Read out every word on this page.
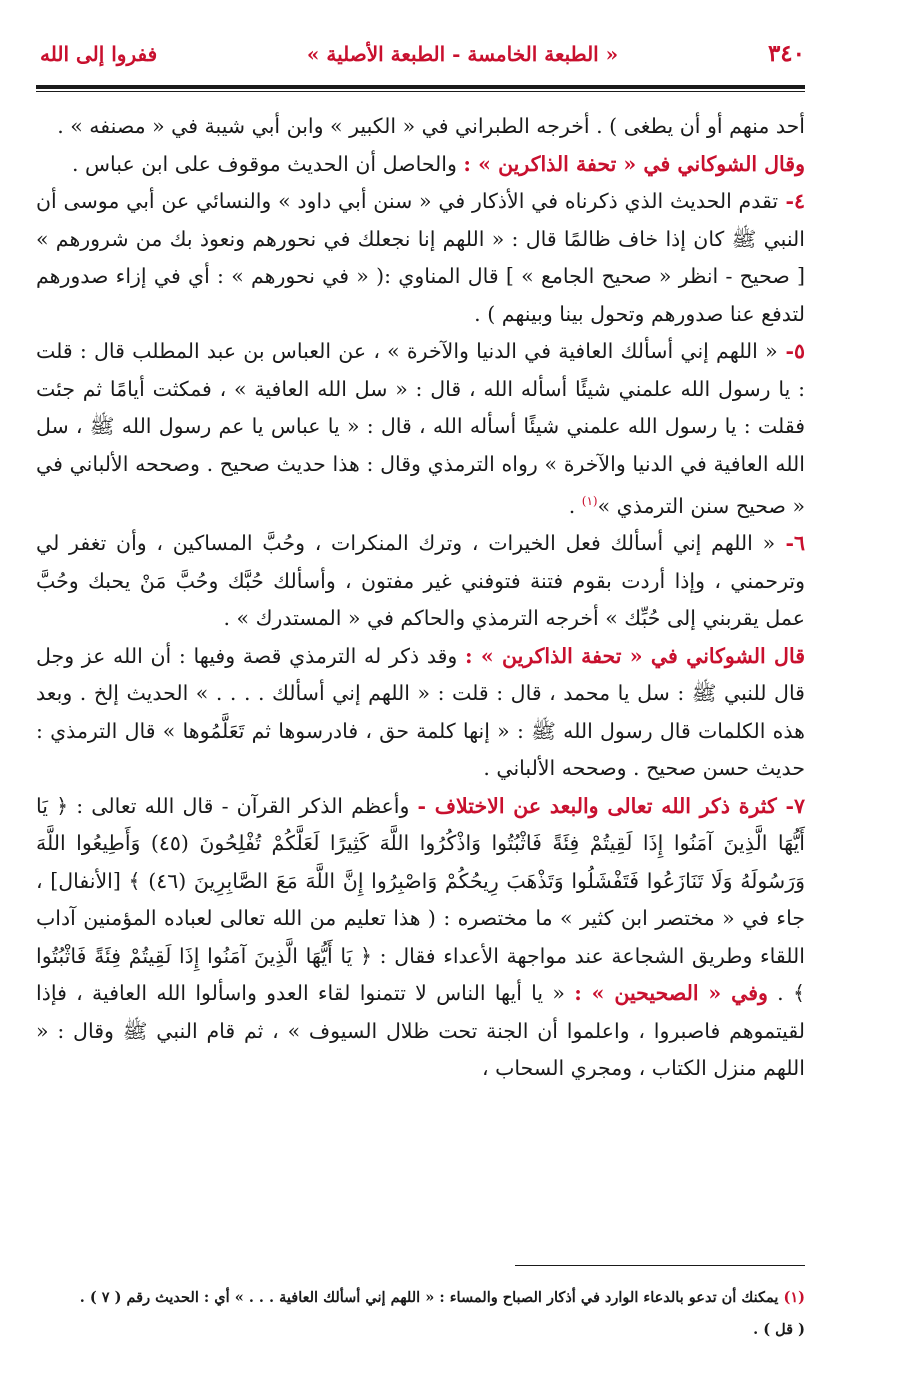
٣٤٠
« الطبعة الخامسة - الطبعة الأصلية »
ففروا إلى الله

أحد منهم أو أن يطغى ) . أخرجه الطبراني في « الكبير » وابن أبي شيبة في « مصنفه » .

وقال الشوكاني في « تحفة الذاكرين » : والحاصل أن الحديث موقوف على ابن عباس .

٤- تقدم الحديث الذي ذكرناه في الأذكار في « سنن أبي داود » والنسائي عن أبي موسى أن النبي ﷺ كان إذا خاف ظالمًا قال : « اللهم إنا نجعلك في نحورهم ونعوذ بك من شرورهم » [ صحيح - انظر « صحيح الجامع » ] قال المناوي :( « في نحورهم » : أي في إزاء صدورهم لتدفع عنا صدورهم وتحول بينا وبينهم ) .

٥- « اللهم إني أسألك العافية في الدنيا والآخرة » ، عن العباس بن عبد المطلب قال : قلت : يا رسول الله علمني شيئًا أسأله الله ، قال : « سل الله العافية » ، فمكثت أيامًا ثم جئت فقلت : يا رسول الله علمني شيئًا أسأله الله ، قال : « يا عباس يا عم رسول الله ﷺ ، سل الله العافية في الدنيا والآخرة » رواه الترمذي وقال : هذا حديث صحيح . وصححه الألباني في « صحيح سنن الترمذي »$^{(١)}$ .

٦- « اللهم إني أسألك فعل الخيرات ، وترك المنكرات ، وحُبَّ المساكين ، وأن تغفر لي وترحمني ، وإذا أردت بقوم فتنة فتوفني غير مفتون ، وأسألك حُبَّك وحُبَّ مَنْ يحبك وحُبَّ عمل يقربني إلى حُبِّك » أخرجه الترمذي والحاكم في « المستدرك » .

قال الشوكاني في « تحفة الذاكرين » : وقد ذكر له الترمذي قصة وفيها : أن الله عز وجل قال للنبي ﷺ : سل يا محمد ، قال : قلت : « اللهم إني أسألك . . . . » الحديث إلخ . وبعد هذه الكلمات قال رسول الله ﷺ : « إنها كلمة حق ، فادرسوها ثم تَعَلَّمُوها » قال الترمذي : حديث حسن صحيح . وصححه الألباني .

٧- كثرة ذكر الله تعالى والبعد عن الاختلاف - وأعظم الذكر القرآن - قال الله تعالى : ﴿ يَا أَيُّهَا الَّذِينَ آمَنُوا إِذَا لَقِيتُمْ فِئَةً فَاثْبُتُوا وَاذْكُرُوا اللَّهَ كَثِيرًا لَعَلَّكُمْ تُفْلِحُونَ (٤٥) وَأَطِيعُوا اللَّهَ وَرَسُولَهُ وَلَا تَنَازَعُوا فَتَفْشَلُوا وَتَذْهَبَ رِيحُكُمْ وَاصْبِرُوا إِنَّ اللَّهَ مَعَ الصَّابِرِينَ (٤٦) ﴾ [الأنفال] ، جاء في « مختصر ابن كثير » ما مختصره : ( هذا تعليم من الله تعالى لعباده المؤمنين آداب اللقاء وطريق الشجاعة عند مواجهة الأعداء فقال : ﴿ يَا أَيُّهَا الَّذِينَ آمَنُوا إِذَا لَقِيتُمْ فِئَةً فَاثْبُتُوا ﴾ . وفي « الصحيحين » : « يا أيها الناس لا تتمنوا لقاء العدو واسألوا الله العافية ، فإذا لقيتموهم فاصبروا ، واعلموا أن الجنة تحت ظلال السيوف » ، ثم قام النبي ﷺ وقال : « اللهم منزل الكتاب ، ومجري السحاب ،

(١) يمكنك أن تدعو بالدعاء الوارد في أذكار الصباح والمساء : « اللهم إني أسألك العافية . . . » أي : الحديث رقم ( ٧ ) .
( قل ) .
